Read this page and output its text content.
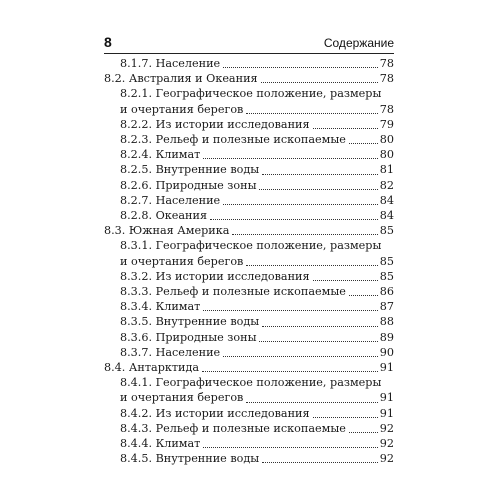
8	Содержание
8.1.7. Население	78
8.2. Австралия и Океания	78
8.2.1. Географическое положение, размеры
и очертания берегов	78
8.2.2. Из истории исследования	79
8.2.3. Рельеф и полезные ископаемые	80
8.2.4. Климат	80
8.2.5. Внутренние воды	81
8.2.6. Природные зоны	82
8.2.7. Население	84
8.2.8. Океания	84
8.3. Южная Америка	85
8.3.1. Географическое положение, размеры
и очертания берегов	85
8.3.2. Из истории исследования	85
8.3.3. Рельеф и полезные ископаемые	86
8.3.4. Климат	87
8.3.5. Внутренние воды	88
8.3.6. Природные зоны	89
8.3.7. Население	90
8.4. Антарктида	91
8.4.1. Географическое положение, размеры
и очертания берегов	91
8.4.2. Из истории исследования	91
8.4.3. Рельеф и полезные ископаемые	92
8.4.4. Климат	92
8.4.5. Внутренние воды	92
